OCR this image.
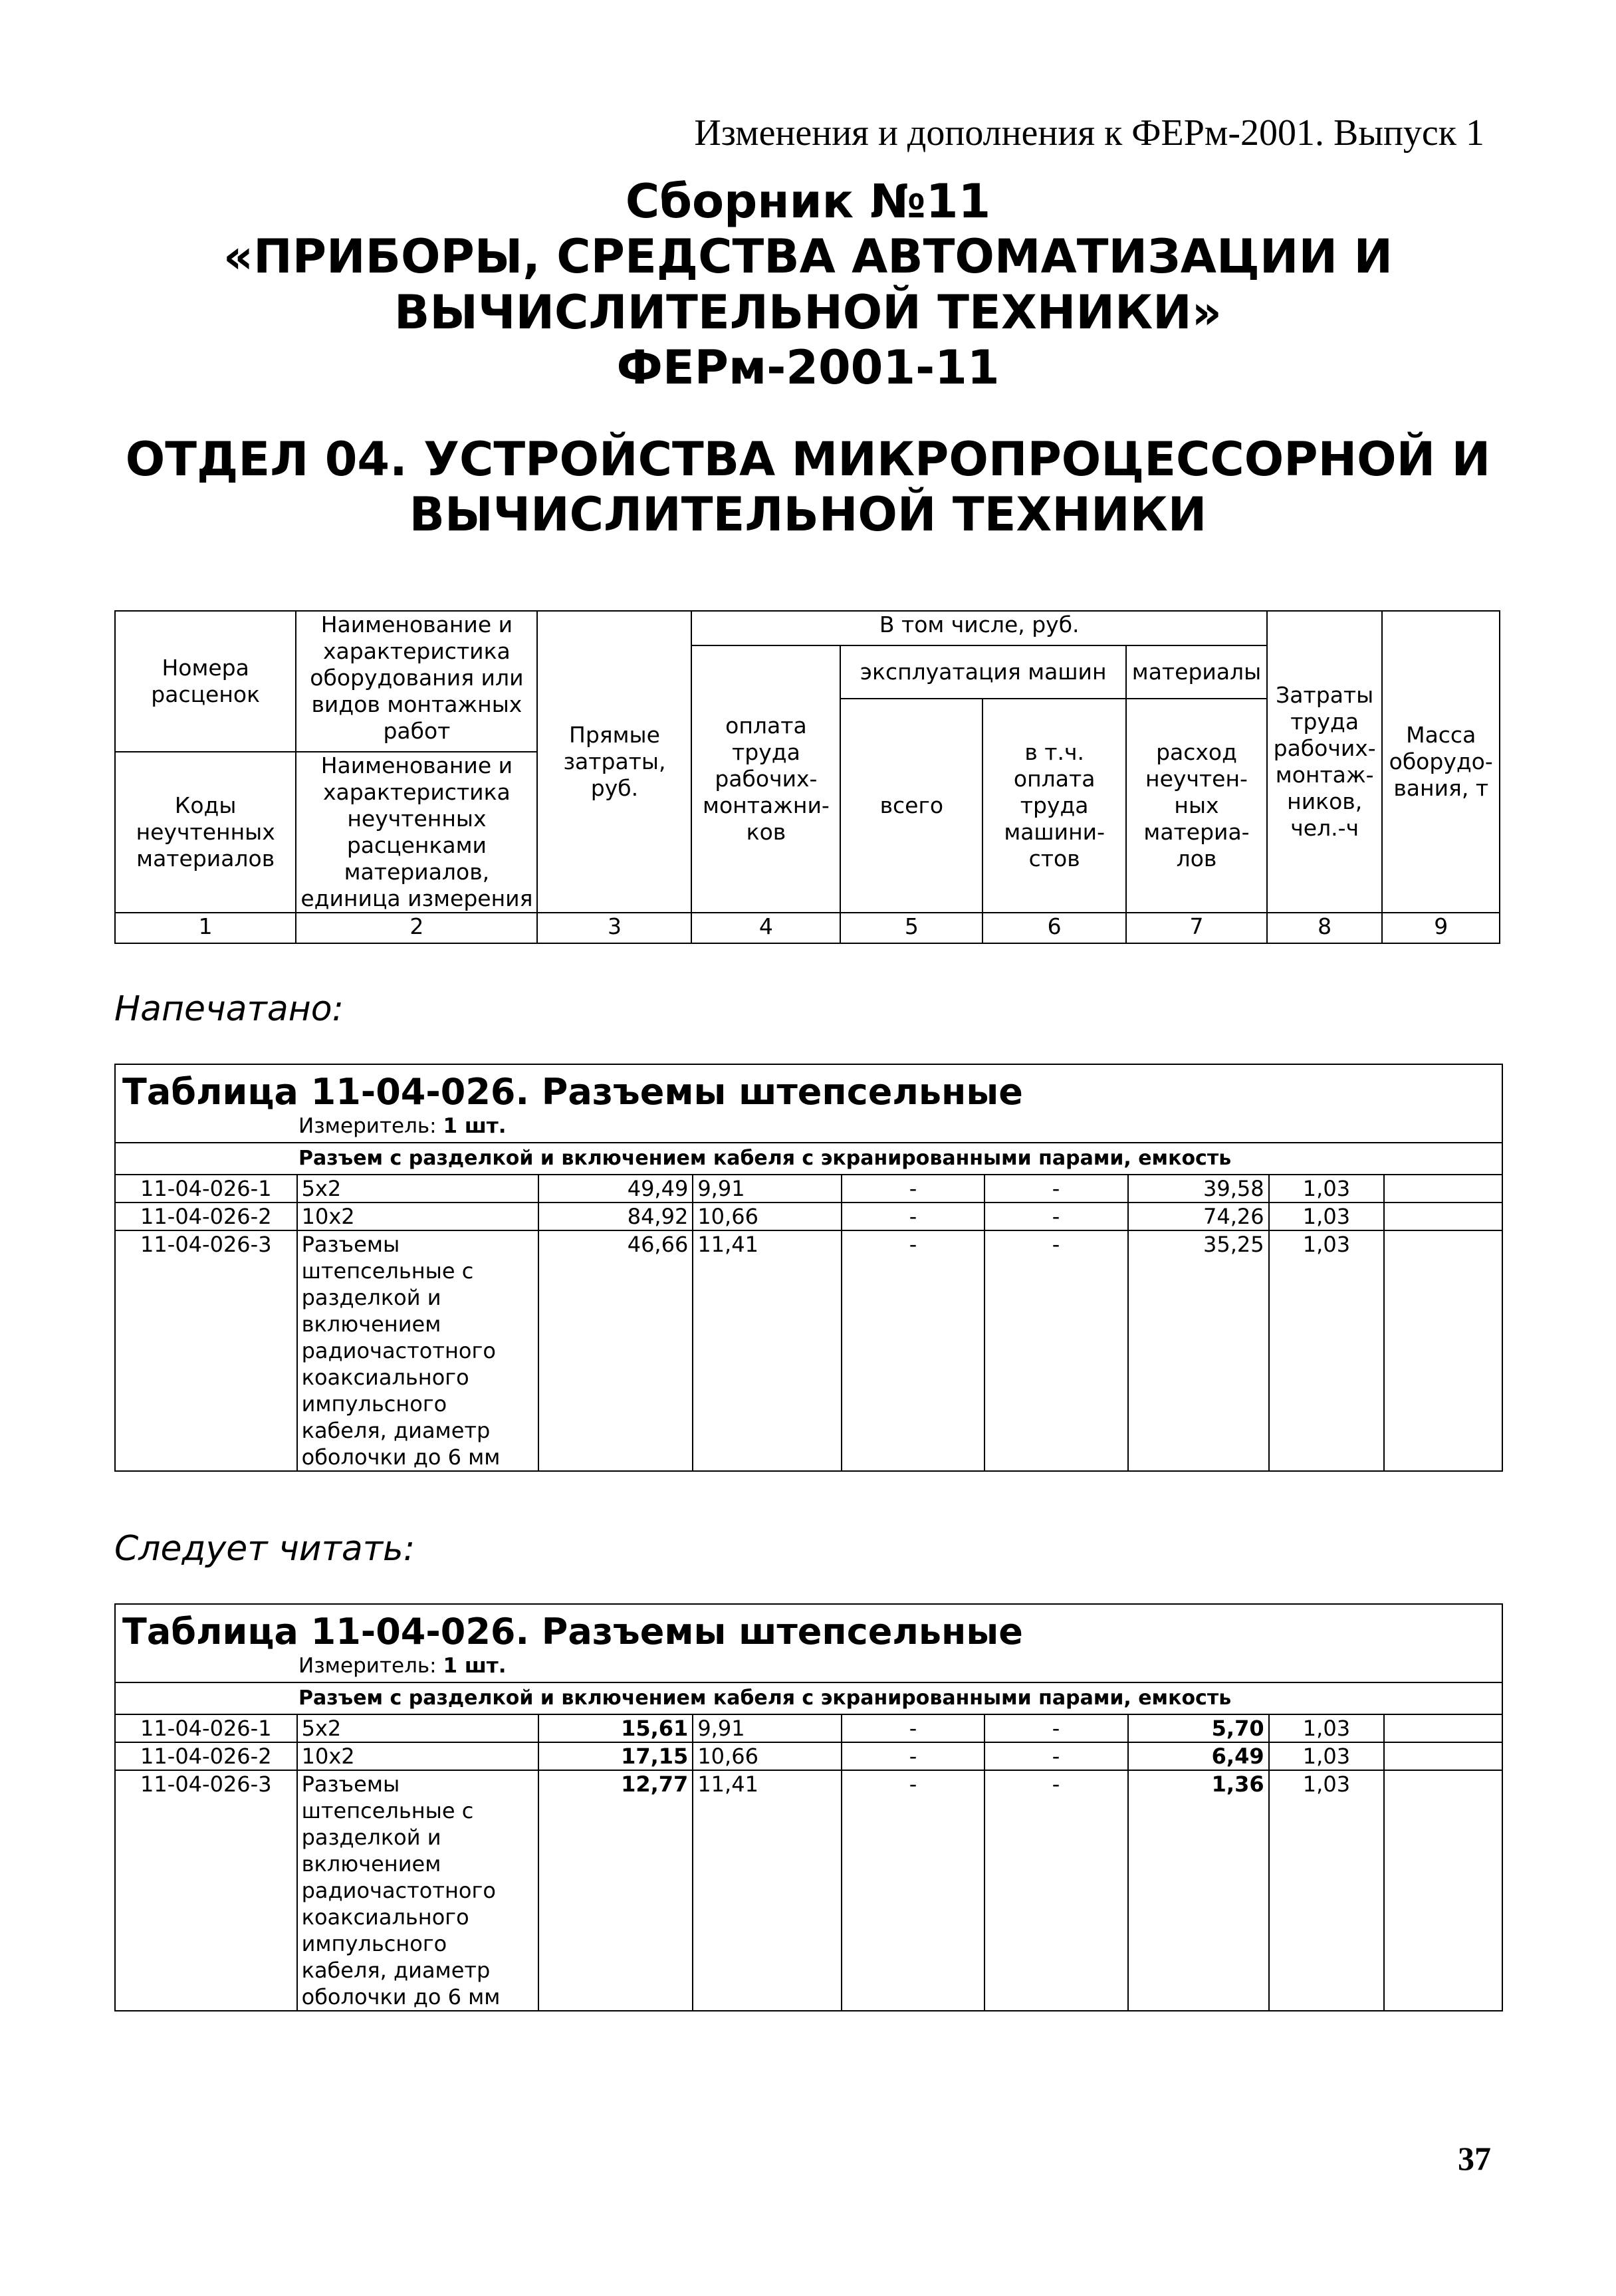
Изменения и дополнения к ФЕРм-2001. Выпуск 1
Сборник №11
«ПРИБОРЫ, СРЕДСТВА АВТОМАТИЗАЦИИ И
ВЫЧИСЛИТЕЛЬНОЙ ТЕХНИКИ»
ФЕРм-2001-11
ОТДЕЛ 04. УСТРОЙСТВА МИКРОПРОЦЕССОРНОЙ И
ВЫЧИСЛИТЕЛЬНОЙ ТЕХНИКИ
Номера расценок	Наименование и характеристика оборудования или видов монтажных работ	Прямые затраты, руб.	В том числе, руб.				Затраты труда рабочих-монтаж-ников, чел.-ч	Масса оборудо-вания, т
			оплата труда рабочих-монтажни-ков	эксплуатация машин		материалы		
				всего	в т.ч. оплата труда машини-стов	расход неучтен-ных материа-лов		
Коды неучтенных материалов	Наименование и характеристика неучтенных расценками материалов, единица измерения							

1	2	3	4	5	6	7	8	9
Напечатано:
Таблица 11-04-026. Разъемы штепсельные
Измеритель: 1 шт.
Разъем с разделкой и включением кабеля с экранированными парами, емкость
11-04-026-1	5x2	49,49	9,91	-	-	39,58	1,03	
11-04-026-2	10x2	84,92	10,66	-	-	74,26	1,03	
11-04-026-3	Разъемы штепсельные с разделкой и включением радиочастотного коаксиального импульсного кабеля, диаметр оболочки до 6 мм	46,66	11,41	-	-	35,25	1,03	
Следует читать:
Таблица 11-04-026. Разъемы штепсельные
Измеритель: 1 шт.
Разъем с разделкой и включением кабеля с экранированными парами, емкость
11-04-026-1	5x2	15,61	9,91	-	-	5,70	1,03	
11-04-026-2	10x2	17,15	10,66	-	-	6,49	1,03	
11-04-026-3	Разъемы штепсельные с разделкой и включением радиочастотного коаксиального импульсного кабеля, диаметр оболочки до 6 мм	12,77	11,41	-	-	1,36	1,03	
37
